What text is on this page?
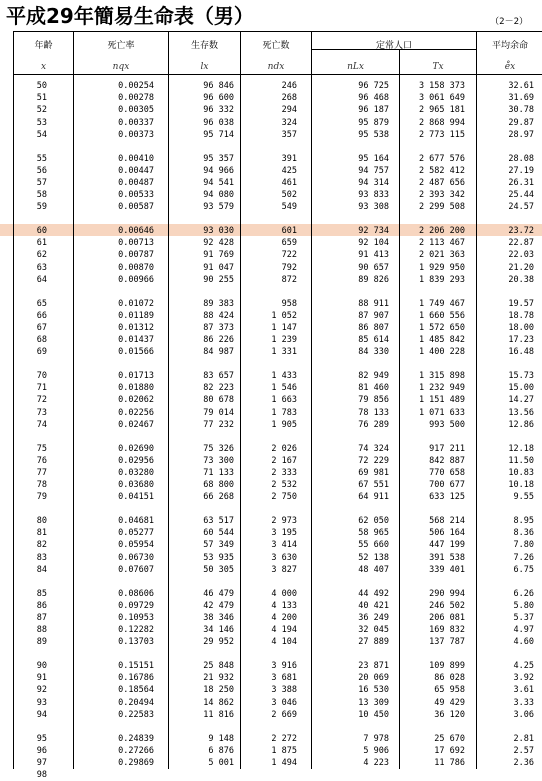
平成29年簡易生命表（男）	（2－2）
年齢	死亡率	生存数	死亡数	定常人口	平均余命
x	nqx	lx	ndx	nLx	Tx	e̊x
50	0.00254	96 846	246	96 725	3 158 373	32.61
51	0.00278	96 600	268	96 468	3 061 649	31.69
52	0.00305	96 332	294	96 187	2 965 181	30.78
53	0.00337	96 038	324	95 879	2 868 994	29.87
54	0.00373	95 714	357	95 538	2 773 115	28.97
55	0.00410	95 357	391	95 164	2 677 576	28.08
56	0.00447	94 966	425	94 757	2 582 412	27.19
57	0.00487	94 541	461	94 314	2 487 656	26.31
58	0.00533	94 080	502	93 833	2 393 342	25.44
59	0.00587	93 579	549	93 308	2 299 508	24.57
60	0.00646	93 030	601	92 734	2 206 200	23.72
61	0.00713	92 428	659	92 104	2 113 467	22.87
62	0.00787	91 769	722	91 413	2 021 363	22.03
63	0.00870	91 047	792	90 657	1 929 950	21.20
64	0.00966	90 255	872	89 826	1 839 293	20.38
65	0.01072	89 383	958	88 911	1 749 467	19.57
66	0.01189	88 424	1 052	87 907	1 660 556	18.78
67	0.01312	87 373	1 147	86 807	1 572 650	18.00
68	0.01437	86 226	1 239	85 614	1 485 842	17.23
69	0.01566	84 987	1 331	84 330	1 400 228	16.48
70	0.01713	83 657	1 433	82 949	1 315 898	15.73
71	0.01880	82 223	1 546	81 460	1 232 949	15.00
72	0.02062	80 678	1 663	79 856	1 151 489	14.27
73	0.02256	79 014	1 783	78 133	1 071 633	13.56
74	0.02467	77 232	1 905	76 289	993 500	12.86
75	0.02690	75 326	2 026	74 324	917 211	12.18
76	0.02956	73 300	2 167	72 229	842 887	11.50
77	0.03280	71 133	2 333	69 981	770 658	10.83
78	0.03680	68 800	2 532	67 551	700 677	10.18
79	0.04151	66 268	2 750	64 911	633 125	9.55
80	0.04681	63 517	2 973	62 050	568 214	8.95
81	0.05277	60 544	3 195	58 965	506 164	8.36
82	0.05954	57 349	3 414	55 660	447 199	7.80
83	0.06730	53 935	3 630	52 138	391 538	7.26
84	0.07607	50 305	3 827	48 407	339 401	6.75
85	0.08606	46 479	4 000	44 492	290 994	6.26
86	0.09729	42 479	4 133	40 421	246 502	5.80
87	0.10953	38 346	4 200	36 249	206 081	5.37
88	0.12282	34 146	4 194	32 045	169 832	4.97
89	0.13703	29 952	4 104	27 889	137 787	4.60
90	0.15151	25 848	3 916	23 871	109 899	4.25
91	0.16786	21 932	3 681	20 069	86 028	3.92
92	0.18564	18 250	3 388	16 530	65 958	3.61
93	0.20494	14 862	3 046	13 309	49 429	3.33
94	0.22583	11 816	2 669	10 450	36 120	3.06
95	0.24839	9 148	2 272	7 978	25 670	2.81
96	0.27266	6 876	1 875	5 906	17 692	2.57
97	0.29869	5 001	1 494	4 223	11 786	2.36
98
